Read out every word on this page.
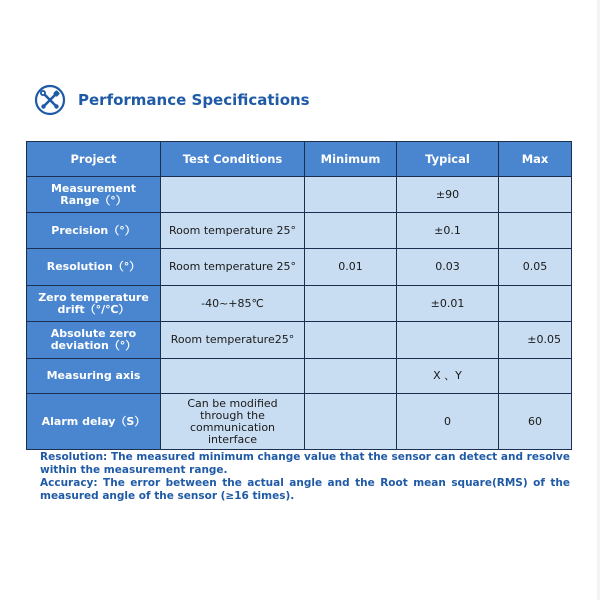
Performance Specifications
Project	Test Conditions	Minimum	Typical	Max
Measurement Range（°）			±90	
Precision（°）	Room temperature 25°		±0.1	
Resolution（°）	Room temperature 25°	0.01	0.03	0.05
Zero temperature drift（°/℃）	-40~+85℃		±0.01	
Absolute zero deviation（°）	Room temperature25°			±0.05
Measuring axis			X 、Y	
Alarm delay（S）	Can be modified through the communication interface		0	60

Resolution: The measured minimum change value that the sensor can detect and resolve within the measurement range.

Accuracy: The error between the actual angle and the Root mean square(RMS) of the measured angle of the sensor (≥16 times).
